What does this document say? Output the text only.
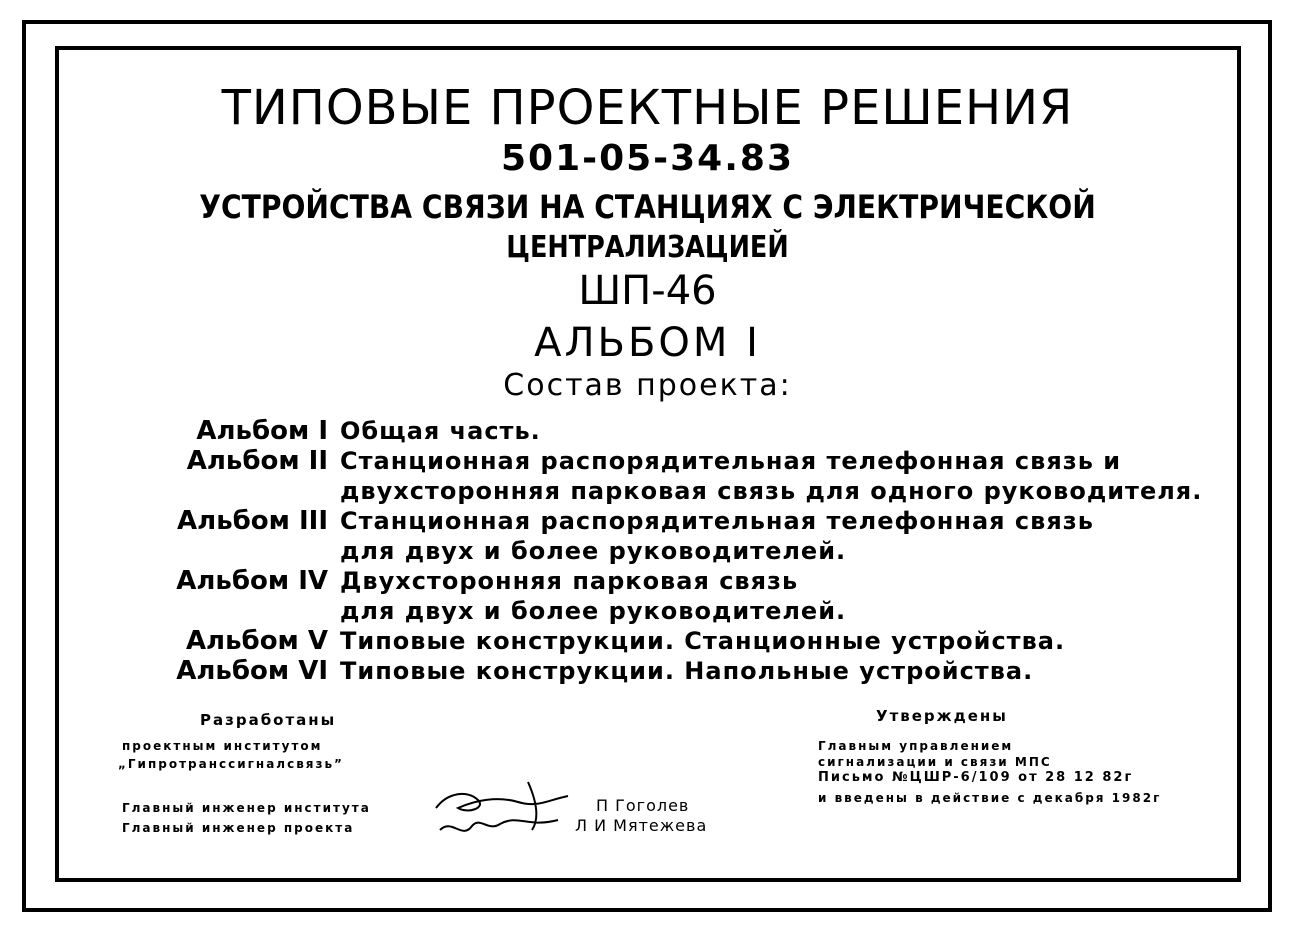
ТИПОВЫЕ ПРОЕКТНЫЕ РЕШЕНИЯ
501-05-34.83
УСТРОЙСТВА СВЯЗИ НА СТАНЦИЯХ С ЭЛЕКТРИЧЕСКОЙ
ЦЕНТРАЛИЗАЦИЕЙ
ШП-46
АЛЬБОМ I
Состав проекта:
Альбом I Общая часть.
Альбом II Станционная распорядительная телефонная связь и
двухсторонняя парковая связь для одного руководителя.
Альбом III Станционная распорядительная телефонная связь
для двух и более руководителей.
Альбом IV Двухсторонняя парковая связь
для двух и более руководителей.
Альбом V Типовые конструкции. Станционные устройства.
Альбом VI Типовые конструкции. Напольные устройства.
Разработаны
проектным институтом
„Гипротранссигналсвязь”
Главный инженер института
Главный инженер проекта
П Гоголев
Л И Мятежева
Утверждены
Главным управлением
сигнализации и связи МПС
Письмо №ЦШР-6/109 от 28 12 82г
и введены в действие с декабря 1982г
